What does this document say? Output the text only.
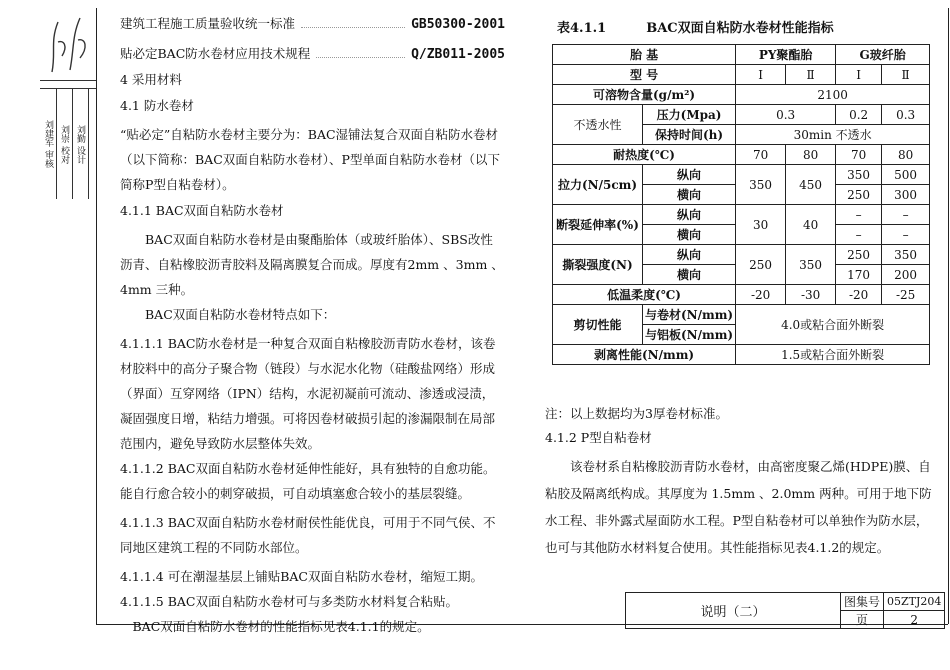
刘建军 审核 刘崇 校对 刘勤 设计
建筑工程施工质量验收统一标准	GB50300-2001
贴必定BAC防水卷材应用技术规程	Q/ZB011-2005

4 采用材料

4.1 防水卷材

“贴必定”自粘防水卷材主要分为：BAC湿铺法复合双面自粘防水卷材（以下简称：BAC双面自粘防水卷材）、P型单面自粘防水卷材（以下简称P型自粘卷材）。

4.1.1 BAC双面自粘防水卷材

BAC双面自粘防水卷材是由聚酯胎体（或玻纤胎体）、SBS改性沥青、自粘橡胶沥青胶料及隔离膜复合而成。厚度有2mm 、3mm 、4mm 三种。

BAC双面自粘防水卷材特点如下：

4.1.1.1 BAC防水卷材是一种复合双面自粘橡胶沥青防水卷材，该卷材胶料中的高分子聚合物（链段）与水泥水化物（硅酸盐网络）形成（界面）互穿网络（IPN）结构，水泥初凝前可流动、渗透或浸渍，凝固强度日增，粘结力增强。可将因卷材破损引起的渗漏限制在局部范围内，避免导致防水层整体失效。

4.1.1.2 BAC双面自粘防水卷材延伸性能好，具有独特的自愈功能。能自行愈合较小的刺穿破损，可自动填塞愈合较小的基层裂缝。

4.1.1.3 BAC双面自粘防水卷材耐侯性能优良，可用于不同气侯、不同地区建筑工程的不同防水部位。

4.1.1.4 可在潮湿基层上铺贴BAC双面自粘防水卷材，缩短工期。

4.1.1.5 BAC双面自粘防水卷材可与多类防水材料复合粘贴。

BAC双面自粘防水卷材的性能指标见表4.1.1的规定。

表4.1.1	BAC双面自粘防水卷材性能指标
胎 基		PY聚酯胎		G玻纤胎	
型 号		Ⅰ	Ⅱ	Ⅰ	Ⅱ
可溶物含量(g/m²)		2100			
不透水性	压力(Mpa)	0.3		0.2	0.3
	保持时间(h)	30min 不透水			
耐热度(℃)		70	80	70	80
拉力(N/5cm)	纵向	350	450	350	500
	横向			250	300
断裂延伸率(%)	纵向	30	40	–	–
	横向			–	–
撕裂强度(N)	纵向	250	350	250	350
	横向			170	200
低温柔度(℃)		-20	-30	-20	-25
剪切性能	与卷材(N/mm)	4.0或粘合面外断裂			
	与铝板(N/mm)				
剥离性能(N/mm)		1.5或粘合面外断裂			

注：以上数据均为3厚卷材标准。

4.1.2 P型自粘卷材

该卷材系自粘橡胶沥青防水卷材，由高密度聚乙烯(HDPE)膜、自粘胶及隔离纸构成。其厚度为 1.5mm 、2.0mm 两种。可用于地下防水工程、非外露式屋面防水工程。P型自粘卷材可以单独作为防水层，也可与其他防水材料复合使用。其性能指标见表4.1.2的规定。

说明（二）	图集号	05ZTJ204
	页	2
